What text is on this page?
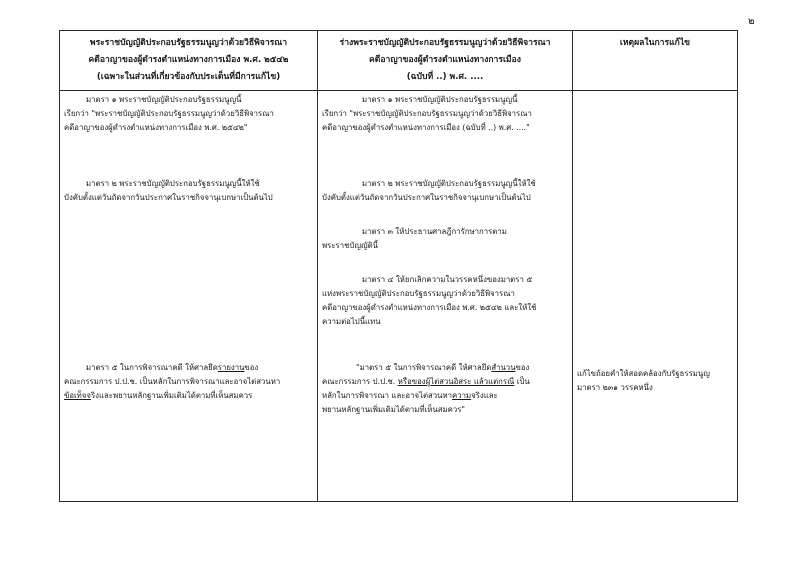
๒
พระราชบัญญัติประกอบรัฐธรรมนูญว่าด้วยวิธีพิจารณา
คดีอาญาของผู้ดำรงตำแหน่งทางการเมือง พ.ศ. ๒๕๔๒
(เฉพาะในส่วนที่เกี่ยวข้องกับประเด็นที่มีการแก้ไข)
ร่างพระราชบัญญัติประกอบรัฐธรรมนูญว่าด้วยวิธีพิจารณา
คดีอาญาของผู้ดำรงตำแหน่งทางการเมือง
(ฉบับที่ ..) พ.ศ. ....
เหตุผลในการแก้ไข
มาตรา ๑ พระราชบัญญัติประกอบรัฐธรรมนูญนี้
เรียกว่า "พระราชบัญญัติประกอบรัฐธรรมนูญว่าด้วยวิธีพิจารณา
คดีอาญาของผู้ดำรงตำแหน่งทางการเมือง พ.ศ. ๒๕๔๒"
มาตรา ๒ พระราชบัญญัติประกอบรัฐธรรมนูญนี้ให้ใช้
บังคับตั้งแต่วันถัดจากวันประกาศในราชกิจจานุเบกษาเป็นต้นไป
มาตรา ๕ ในการพิจารณาคดี ให้ศาลยึดรายงานของ
คณะกรรมการ ป.ป.ช. เป็นหลักในการพิจารณาและอาจไต่สวนหา
ข้อเท็จจริงและพยานหลักฐานเพิ่มเติมได้ตามที่เห็นสมควร
มาตรา ๑ พระราชบัญญัติประกอบรัฐธรรมนูญนี้
เรียกว่า "พระราชบัญญัติประกอบรัฐธรรมนูญว่าด้วยวิธีพิจารณา
คดีอาญาของผู้ดำรงตำแหน่งทางการเมือง (ฉบับที่ ..) พ.ศ. ...."
มาตรา ๒ พระราชบัญญัติประกอบรัฐธรรมนูญนี้ให้ใช้
บังคับตั้งแต่วันถัดจากวันประกาศในราชกิจจานุเบกษาเป็นต้นไป
มาตรา ๓ ให้ประธานศาลฎีการักษาการตาม
พระราชบัญญัตินี้
มาตรา ๔ ให้ยกเลิกความในวรรคหนึ่งของมาตรา ๕
แห่งพระราชบัญญัติประกอบรัฐธรรมนูญว่าด้วยวิธีพิจารณา
คดีอาญาของผู้ดำรงตำแหน่งทางการเมือง พ.ศ. ๒๕๔๒ และให้ใช้
ความต่อไปนี้แทน
"มาตรา ๕ ในการพิจารณาคดี ให้ศาลยึดสำนวนของ
คณะกรรมการ ป.ป.ช. หรือของผู้ไต่สวนอิสระ แล้วแต่กรณี เป็น
หลักในการพิจารณา และอาจไต่สวนหาความจริงและ
พยานหลักฐานเพิ่มเติมได้ตามที่เห็นสมควร"
แก้ไขถ้อยคำให้สอดคล้องกับรัฐธรรมนูญ
มาตรา ๒๓๑ วรรคหนึ่ง
